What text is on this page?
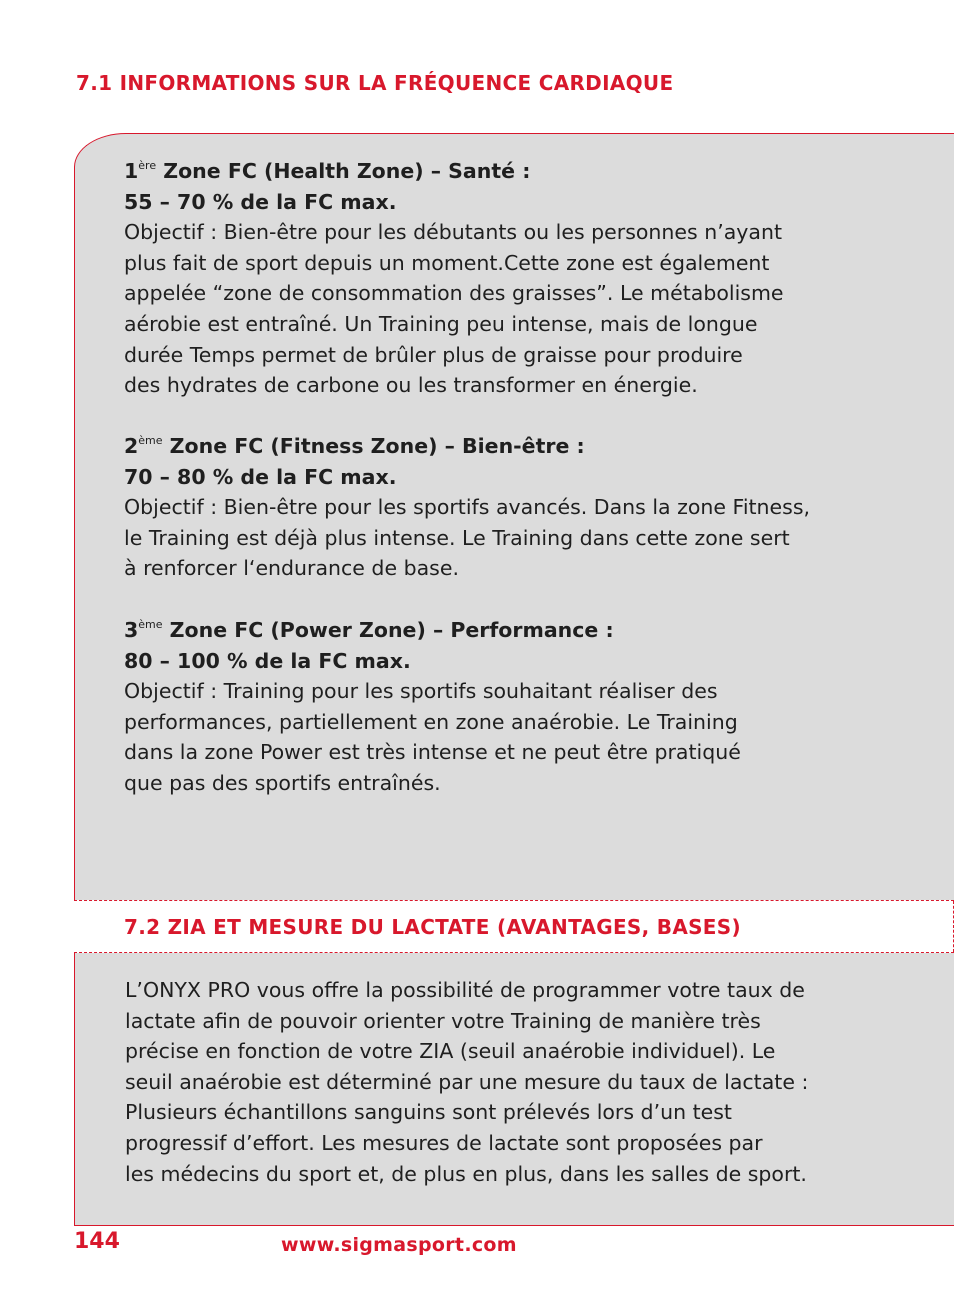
7.1 INFORMATIONS SUR LA FRÉQUENCE CARDIAQUE
1ère Zone FC (Health Zone) – Santé :
55 – 70 % de la FC max.
Objectif : Bien-être pour les débutants ou les personnes n’ayant
plus fait de sport depuis un moment.Cette zone est également
appelée “zone de consommation des graisses”. Le métabolisme
aérobie est entraîné. Un Training peu intense, mais de longue
durée Temps permet de brûler plus de graisse pour produire
des hydrates de carbone ou les transformer en énergie.
2ème Zone FC (Fitness Zone) – Bien-être :
70 – 80 % de la FC max.
Objectif : Bien-être pour les sportifs avancés. Dans la zone Fitness,
le Training est déjà plus intense. Le Training dans cette zone sert
à renforcer l‘endurance de base.
3ème Zone FC (Power Zone) – Performance :
80 – 100 % de la FC max.
Objectif : Training pour les sportifs souhaitant réaliser des
performances, partiellement en zone anaérobie. Le Training
dans la zone Power est très intense et ne peut être pratiqué
que pas des sportifs entraînés.
7.2 ZIA ET MESURE DU LACTATE (AVANTAGES, BASES)
L’ONYX PRO vous offre la possibilité de programmer votre taux de
lactate afin de pouvoir orienter votre Training de manière très
précise en fonction de votre ZIA (seuil anaérobie individuel). Le
seuil anaérobie est déterminé par une mesure du taux de lactate :
Plusieurs échantillons sanguins sont prélevés lors d’un test
progressif d’effort. Les mesures de lactate sont proposées par
les médecins du sport et, de plus en plus, dans les salles de sport.
144	www.sigmasport.com
